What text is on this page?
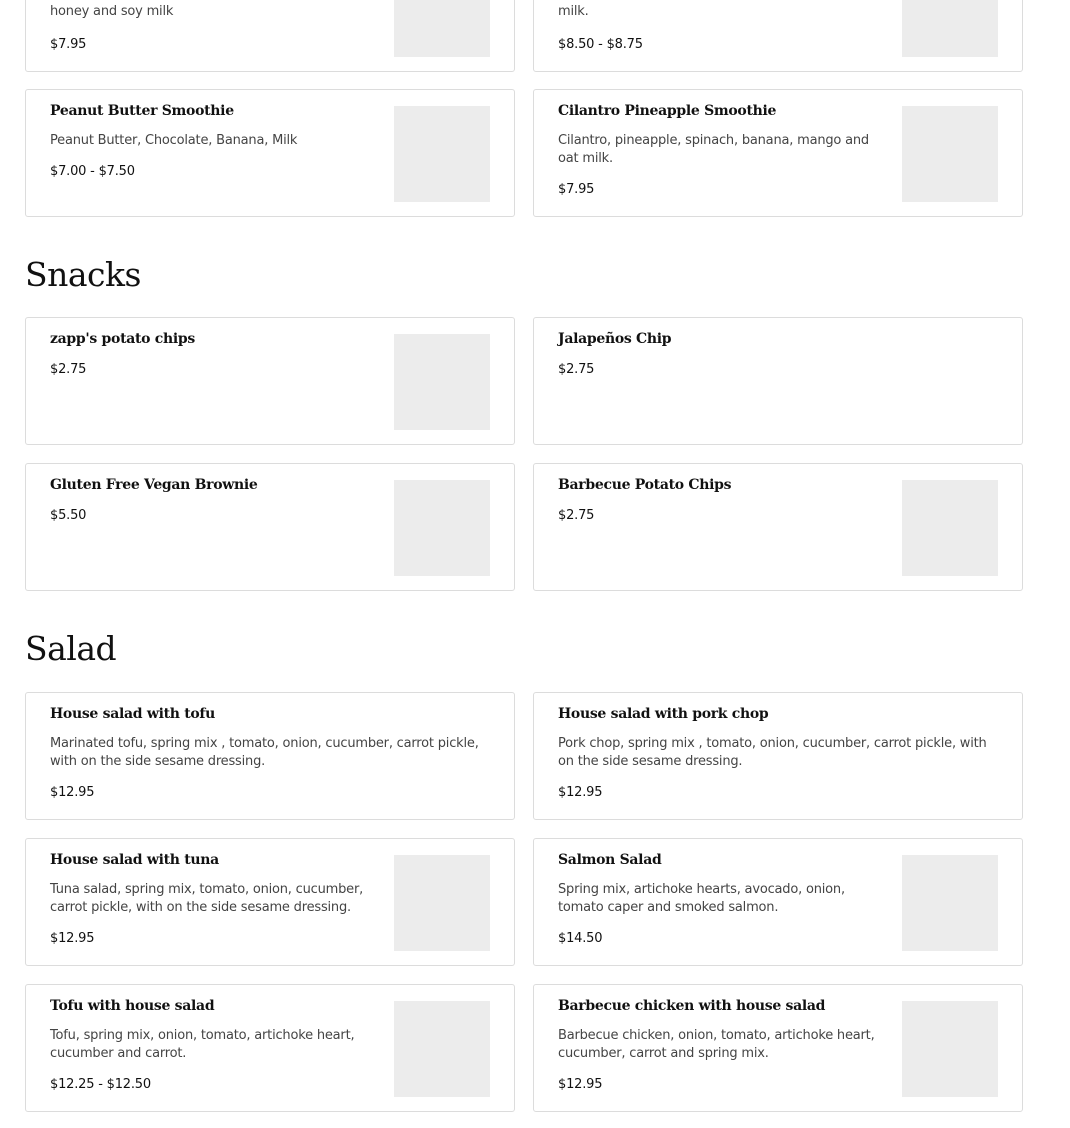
honey and soy milk
$7.95
milk.
$8.50 - $8.75
Peanut Butter Smoothie
Peanut Butter, Chocolate, Banana, Milk
$7.00 - $7.50
Cilantro Pineapple Smoothie
Cilantro, pineapple, spinach, banana, mango and oat milk.
$7.95
Snacks
zapp's potato chips
$2.75
Jalapeños Chip
$2.75
Gluten Free Vegan Brownie
$5.50
Barbecue Potato Chips
$2.75
Salad
House salad with tofu
Marinated tofu, spring mix , tomato, onion, cucumber, carrot pickle, with on the side sesame dressing.
$12.95
House salad with pork chop
Pork chop, spring mix , tomato, onion, cucumber, carrot pickle, with on the side sesame dressing.
$12.95
House salad with tuna
Tuna salad, spring mix, tomato, onion, cucumber, carrot pickle, with on the side sesame dressing.
$12.95
Salmon Salad
Spring mix, artichoke hearts, avocado, onion, tomato caper and smoked salmon.
$14.50
Tofu with house salad
Tofu, spring mix, onion, tomato, artichoke heart, cucumber and carrot.
$12.25 - $12.50
Barbecue chicken with house salad
Barbecue chicken, onion, tomato, artichoke heart, cucumber, carrot and spring mix.
$12.95
